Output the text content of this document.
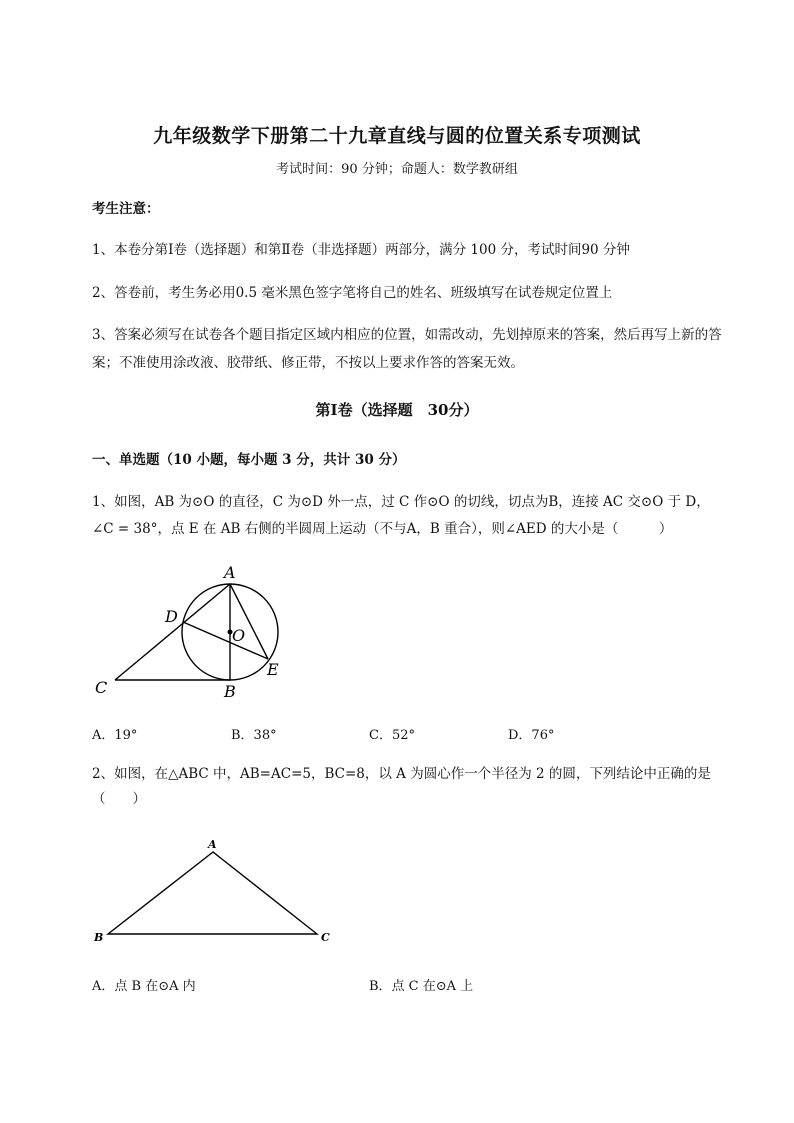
九年级数学下册第二十九章直线与圆的位置关系专项测试
考试时间：90 分钟；命题人：数学教研组
考生注意：
1、本卷分第Ⅰ卷（选择题）和第Ⅱ卷（非选择题）两部分，满分 100 分，考试时间90 分钟
2、答卷前，考生务必用0.5 毫米黑色签字笔将自己的姓名、班级填写在试卷规定位置上
3、答案必须写在试卷各个题目指定区域内相应的位置，如需改动，先划掉原来的答案，然后再写上新的答案；不准使用涂改液、胶带纸、修正带，不按以上要求作答的答案无效。
第Ⅰ卷（选择题　30分）
一、单选题（10 小题，每小题 3 分，共计 30 分）
1、如图，AB 为⊙O 的直径，C 为⊙D 外一点，过 C 作⊙O 的切线，切点为B，连接 AC 交⊙O 于 D，
∠C = 38°，点 E 在 AB 右侧的半圆周上运动（不与A，B 重合），则∠AED 的大小是（　　　）
A
D
O
E
C	B
A．19°	B．38°	C．52°	D．76°
2、如图，在△ABC 中，AB=AC=5，BC=8，以 A 为圆心作一个半径为 2 的圆，下列结论中正确的是
（　　）
A
B	C
A．点 B 在⊙A 内	B．点 C 在⊙A 上
